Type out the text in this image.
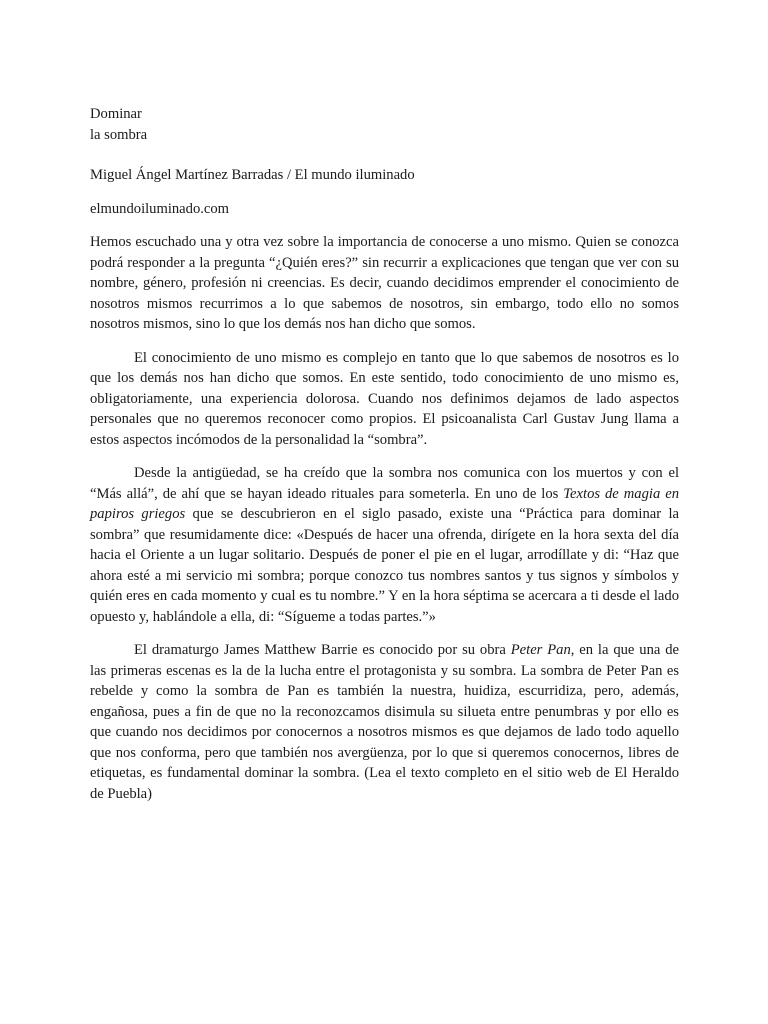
Dominar
la sombra

Miguel Ángel Martínez Barradas / El mundo iluminado

elmundoiluminado.com

Hemos escuchado una y otra vez sobre la importancia de conocerse a uno mismo. Quien se conozca podrá responder a la pregunta “¿Quién eres?” sin recurrir a explicaciones que tengan que ver con su nombre, género, profesión ni creencias. Es decir, cuando decidimos emprender el conocimiento de nosotros mismos recurrimos a lo que sabemos de nosotros, sin embargo, todo ello no somos nosotros mismos, sino lo que los demás nos han dicho que somos.

El conocimiento de uno mismo es complejo en tanto que lo que sabemos de nosotros es lo que los demás nos han dicho que somos. En este sentido, todo conocimiento de uno mismo es, obligatoriamente, una experiencia dolorosa. Cuando nos definimos dejamos de lado aspectos personales que no queremos reconocer como propios. El psicoanalista Carl Gustav Jung llama a estos aspectos incómodos de la personalidad la “sombra”.

Desde la antigüedad, se ha creído que la sombra nos comunica con los muertos y con el “Más allá”, de ahí que se hayan ideado rituales para someterla. En uno de los Textos de magia en papiros griegos que se descubrieron en el siglo pasado, existe una “Práctica para dominar la sombra” que resumidamente dice: «Después de hacer una ofrenda, dirígete en la hora sexta del día hacia el Oriente a un lugar solitario. Después de poner el pie en el lugar, arrodíllate y di: “Haz que ahora esté a mi servicio mi sombra; porque conozco tus nombres santos y tus signos y símbolos y quién eres en cada momento y cual es tu nombre.” Y en la hora séptima se acercara a ti desde el lado opuesto y, hablándole a ella, di: “Sígueme a todas partes.”»

El dramaturgo James Matthew Barrie es conocido por su obra Peter Pan, en la que una de las primeras escenas es la de la lucha entre el protagonista y su sombra. La sombra de Peter Pan es rebelde y como la sombra de Pan es también la nuestra, huidiza, escurridiza, pero, además, engañosa, pues a fin de que no la reconozcamos disimula su silueta entre penumbras y por ello es que cuando nos decidimos por conocernos a nosotros mismos es que dejamos de lado todo aquello que nos conforma, pero que también nos avergüenza, por lo que si queremos conocernos, libres de etiquetas, es fundamental dominar la sombra. (Lea el texto completo en el sitio web de El Heraldo de Puebla)
